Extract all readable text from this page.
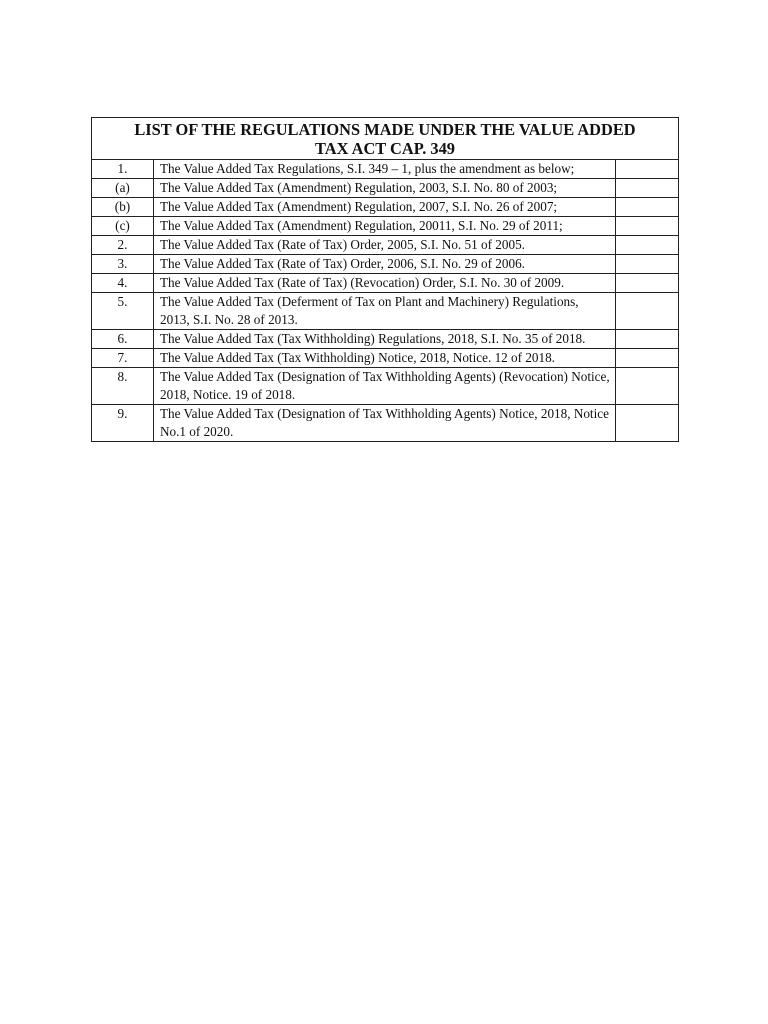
LIST OF THE REGULATIONS MADE UNDER THE VALUE ADDED
TAX ACT CAP. 349		

1.	The Value Added Tax Regulations, S.I. 349 – 1, plus the amendment as below;	
(a)	The Value Added Tax (Amendment) Regulation, 2003, S.I. No. 80 of 2003;	
(b)	The Value Added Tax (Amendment) Regulation, 2007, S.I. No. 26 of 2007;	
(c)	The Value Added Tax (Amendment) Regulation, 20011, S.I. No. 29 of 2011;	
2.	The Value Added Tax (Rate of Tax) Order, 2005, S.I. No. 51 of 2005.	
3.	The Value Added Tax (Rate of Tax) Order, 2006, S.I. No. 29 of 2006.	
4.	The Value Added Tax (Rate of Tax) (Revocation) Order, S.I. No. 30 of 2009.	
5.	The Value Added Tax (Deferment of Tax on Plant and Machinery) Regulations, 2013, S.I. No. 28 of 2013.	
6.	The Value Added Tax (Tax Withholding) Regulations, 2018, S.I. No. 35 of 2018.	
7.	The Value Added Tax (Tax Withholding) Notice, 2018, Notice. 12 of 2018.	
8.	The Value Added Tax (Designation of Tax Withholding Agents) (Revocation) Notice, 2018, Notice. 19 of 2018.	
9.	The Value Added Tax (Designation of Tax Withholding Agents) Notice, 2018, Notice No.1 of 2020.	
